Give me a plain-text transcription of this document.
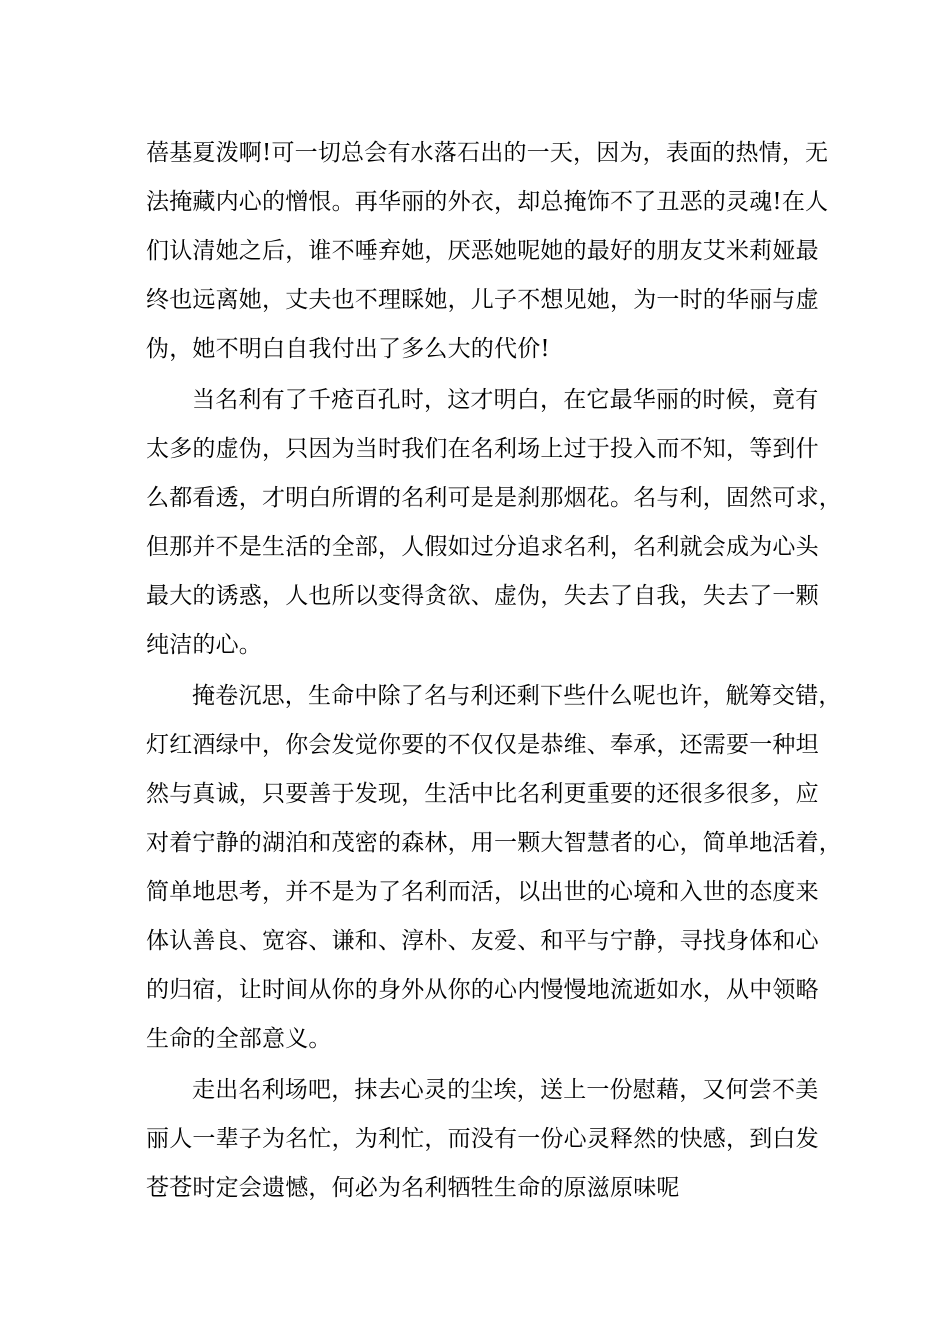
蓓基夏泼啊!可一切总会有水落石出的一天，因为，表面的热情，无
法掩藏内心的憎恨。再华丽的外衣，却总掩饰不了丑恶的灵魂!在人
们认清她之后，谁不唾弃她，厌恶她呢她的最好的朋友艾米莉娅最
终也远离她，丈夫也不理睬她，儿子不想见她，为一时的华丽与虚
伪，她不明白自我付出了多么大的代价!
当名利有了千疮百孔时，这才明白，在它最华丽的时候，竟有
太多的虚伪，只因为当时我们在名利场上过于投入而不知，等到什
么都看透，才明白所谓的名利可是是刹那烟花。名与利，固然可求，
但那并不是生活的全部，人假如过分追求名利，名利就会成为心头
最大的诱惑，人也所以变得贪欲、虚伪，失去了自我，失去了一颗
纯洁的心。
掩卷沉思，生命中除了名与利还剩下些什么呢也许，觥筹交错，
灯红酒绿中，你会发觉你要的不仅仅是恭维、奉承，还需要一种坦
然与真诚，只要善于发现，生活中比名利更重要的还很多很多，应
对着宁静的湖泊和茂密的森林，用一颗大智慧者的心，简单地活着，
简单地思考，并不是为了名利而活，以出世的心境和入世的态度来
体认善良、宽容、谦和、淳朴、友爱、和平与宁静，寻找身体和心
的归宿，让时间从你的身外从你的心内慢慢地流逝如水，从中领略
生命的全部意义。
走出名利场吧，抹去心灵的尘埃，送上一份慰藉，又何尝不美
丽人一辈子为名忙，为利忙，而没有一份心灵释然的快感，到白发
苍苍时定会遗憾，何必为名利牺牲生命的原滋原味呢
